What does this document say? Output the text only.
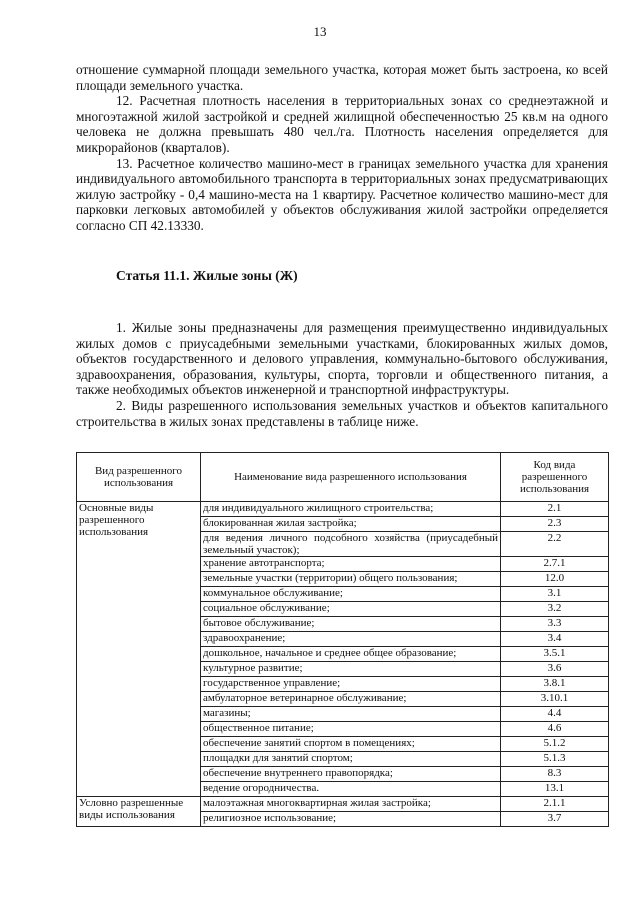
13

отношение суммарной площади земельного участка, которая может быть застроена, ко всей площади земельного участка.

12. Расчетная плотность населения в территориальных зонах со среднеэтажной и многоэтажной жилой застройкой и средней жилищной обеспеченностью 25 кв.м на одного человека не должна превышать 480 чел./га. Плотность населения определяется для микрорайонов (кварталов).

13. Расчетное количество машино-мест в границах земельного участка для хранения индивидуального автомобильного транспорта в территориальных зонах предусматривающих жилую застройку - 0,4 машино-места на 1 квартиру. Расчетное количество машино-мест для парковки легковых автомобилей у объектов обслуживания жилой застройки определяется согласно СП 42.13330.

Статья 11.1. Жилые зоны (Ж)

1. Жилые зоны предназначены для размещения преимущественно индивидуальных жилых домов с приусадебными земельными участками, блокированных жилых домов, объектов государственного и делового управления, коммунально-бытового обслуживания, здравоохранения, образования, культуры, спорта, торговли и общественного питания, а также необходимых объектов инженерной и транспортной инфраструктуры.

2. Виды разрешенного использования земельных участков и объектов капитального строительства в жилых зонах представлены в таблице ниже.

Вид разрешенного использования	Наименование вида разрешенного использования	Код вида разрешенного использования
Основные виды разрешенного использования	для индивидуального жилищного строительства;	2.1
	блокированная жилая застройка;	2.3
	для ведения личного подсобного хозяйства (приусадебный земельный участок);	2.2
	хранение автотранспорта;	2.7.1
	земельные участки (территории) общего пользования;	12.0
	коммунальное обслуживание;	3.1
	социальное обслуживание;	3.2
	бытовое обслуживание;	3.3
	здравоохранение;	3.4
	дошкольное, начальное и среднее общее образование;	3.5.1
	культурное развитие;	3.6
	государственное управление;	3.8.1
	амбулаторное ветеринарное обслуживание;	3.10.1
	магазины;	4.4
	общественное питание;	4.6
	обеспечение занятий спортом в помещениях;	5.1.2
	площадки для занятий спортом;	5.1.3
	обеспечение внутреннего правопорядка;	8.3
	ведение огородничества.	13.1
Условно разрешенные виды использования	малоэтажная многоквартирная жилая застройка;	2.1.1
	религиозное использование;	3.7
